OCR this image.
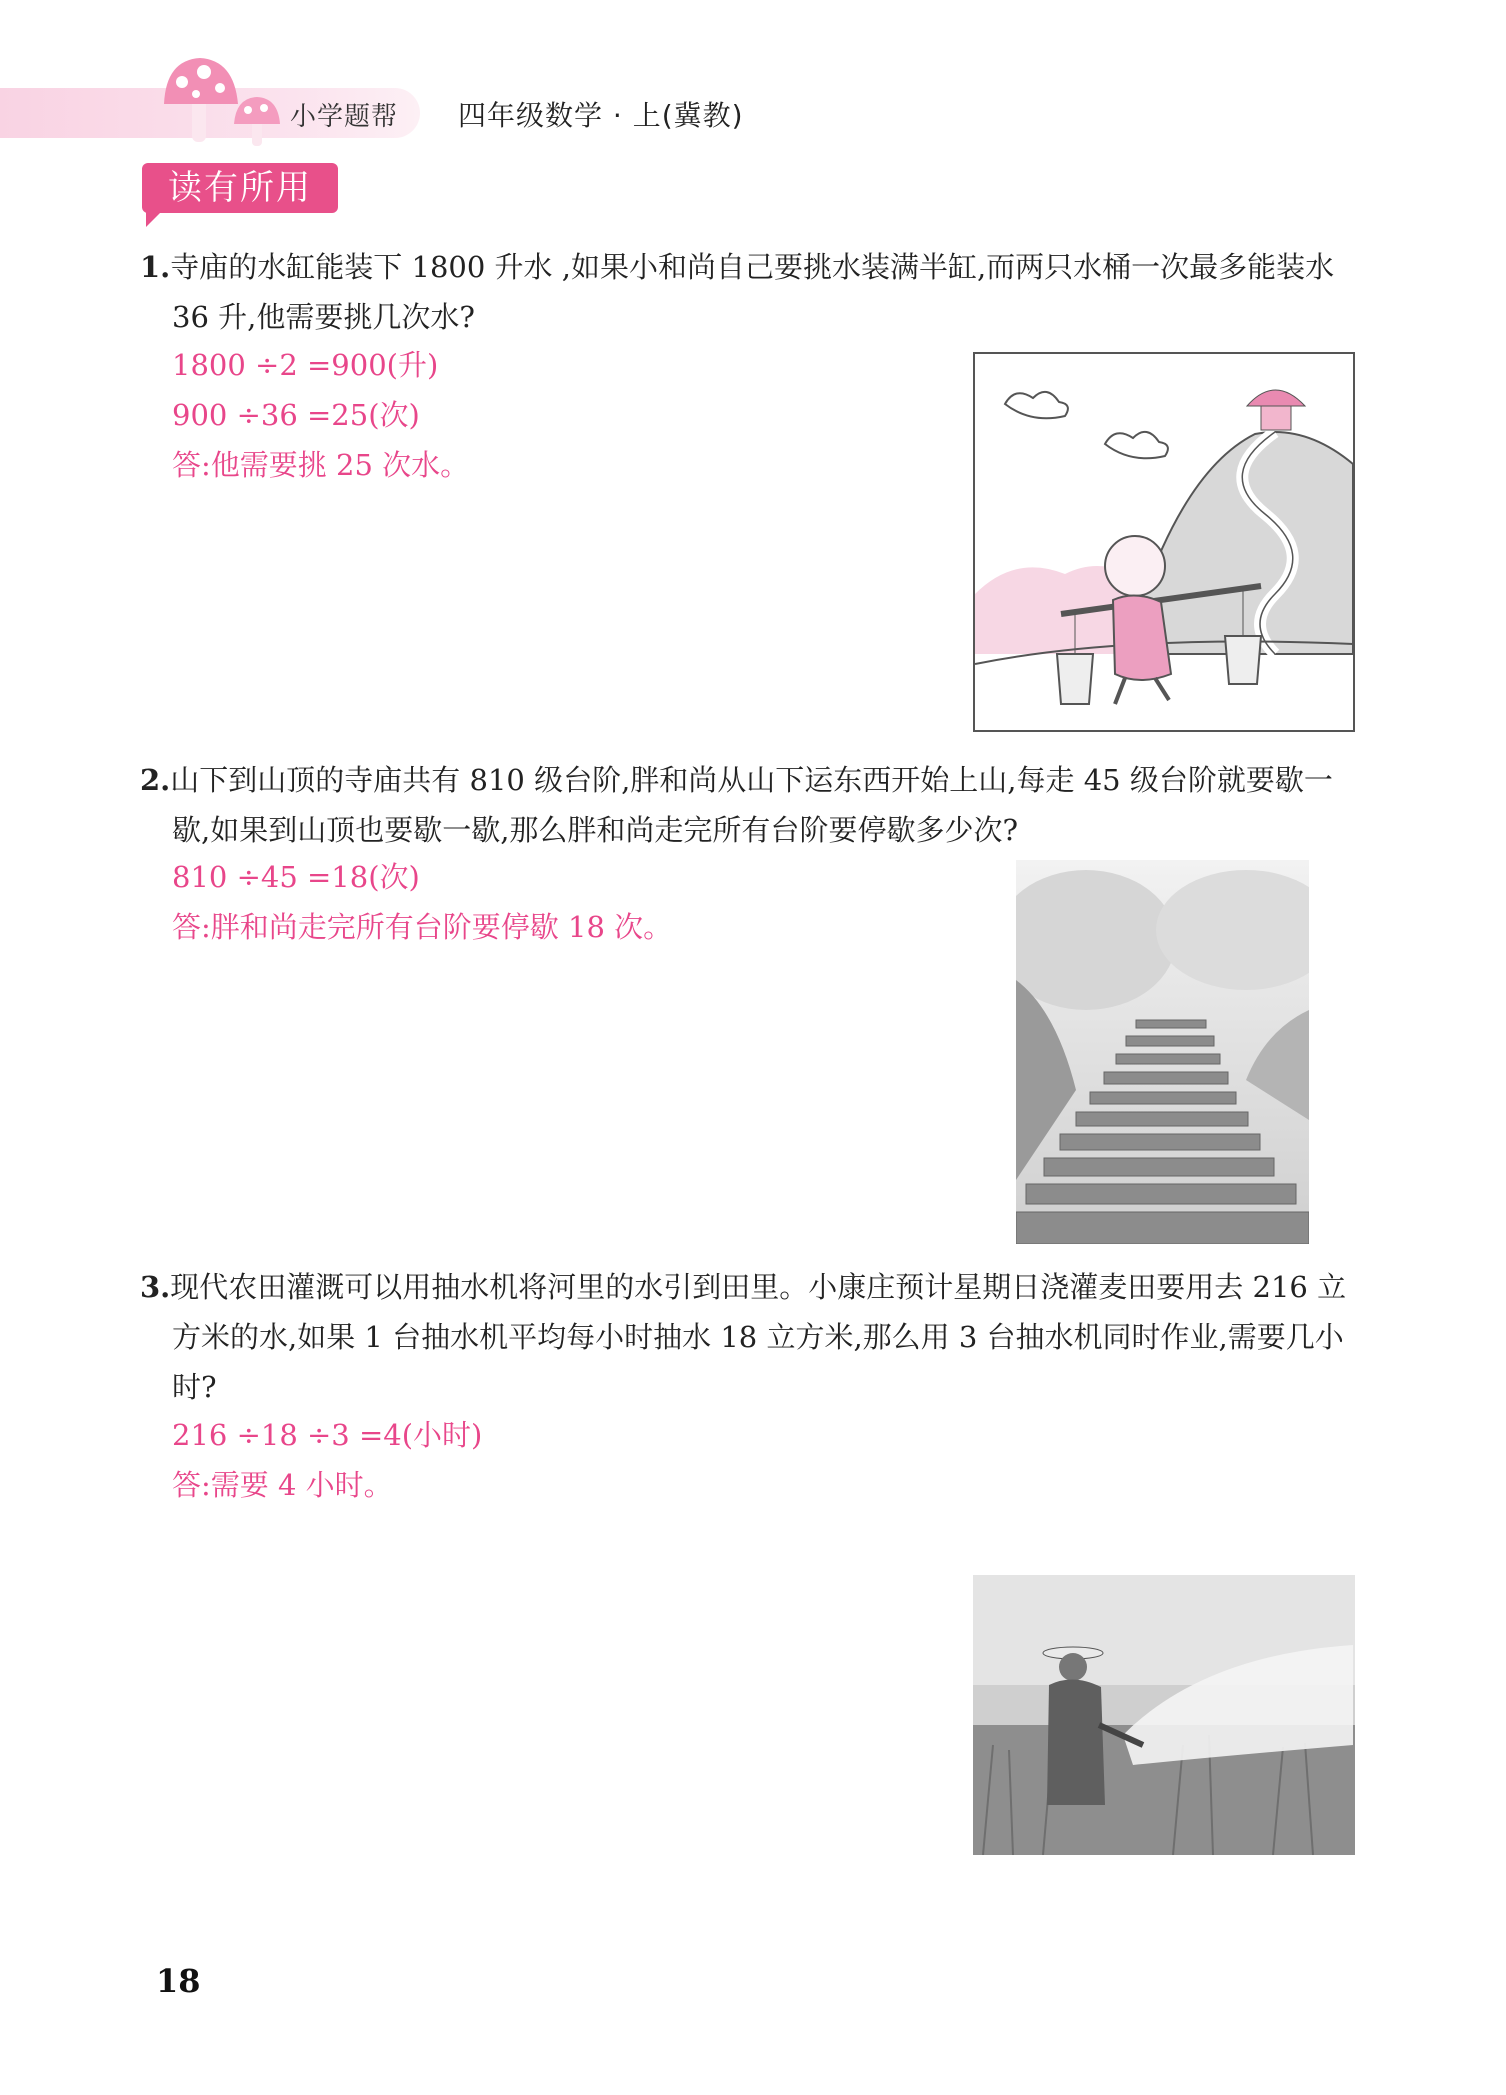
小学题帮 四年级数学 · 上(冀教)
读有所用

1.寺庙的水缸能装下 1800 升水 ,如果小和尚自己要挑水装满半缸,而两只水桶一次最多能装水 36 升,他需要挑几次水?

1800 ÷2 =900(升)
900 ÷36 =25(次)
答:他需要挑 25 次水。

2.山下到山顶的寺庙共有 810 级台阶,胖和尚从山下运东西开始上山,每走 45 级台阶就要歇一歇,如果到山顶也要歇一歇,那么胖和尚走完所有台阶要停歇多少次?

810 ÷45 =18(次)
答:胖和尚走完所有台阶要停歇 18 次。

3.现代农田灌溉可以用抽水机将河里的水引到田里。小康庄预计星期日浇灌麦田要用去 216 立方米的水,如果 1 台抽水机平均每小时抽水 18 立方米,那么用 3 台抽水机同时作业,需要几小时?

216 ÷18 ÷3 =4(小时)
答:需要 4 小时。
18
